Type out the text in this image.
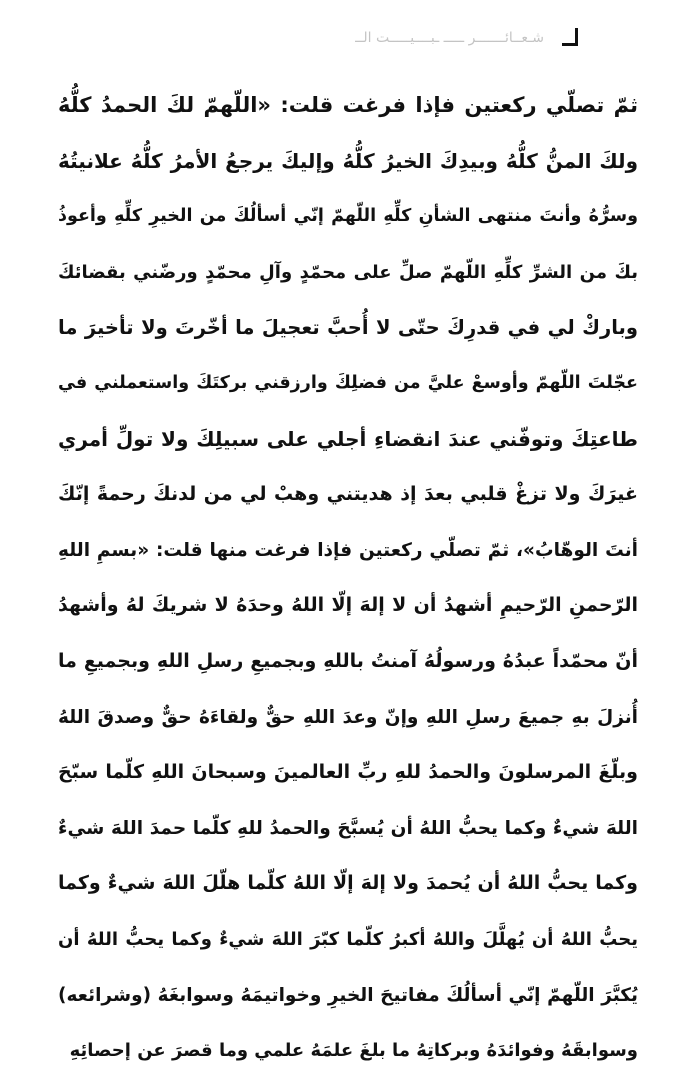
شـعــائـــــــر ـــــ ـبــــيـــــت الــ
ثمّ تصلّي ركعتين فإذا فرغت قلت: «اللّهمّ لكَ الحمدُ كلُّهُ
ولكَ المنُّ كلُّهُ وبيدِكَ الخيرُ كلُّهُ وإليكَ يرجعُ الأمرُ كلُّهُ علانيتُهُ
وسرُّهُ وأنتَ منتهى الشأنِ كلِّهِ اللّهمّ إنّي أسألُكَ من الخيرِ كلِّهِ وأعوذُ
بكَ من الشرِّ كلِّهِ اللّهمّ صلِّ على محمّدٍ وآلِ محمّدٍ ورضّني بقضائكَ
وباركْ لي في قدرِكَ حتّى لا أُحبَّ تعجيلَ ما أخّرتَ ولا تأخيرَ ما
عجّلتَ اللّهمّ وأوسعْ عليَّ من فضلِكَ وارزقني بركتَكَ واستعملني في
طاعتِكَ وتوفّني عندَ انقضاءِ أجلي على سبيلِكَ ولا تولِّ أمري
غيرَكَ ولا تزغْ قلبي بعدَ إذ هديتني وهبْ لي من لدنكَ رحمةً إنّكَ
أنتَ الوهّابُ»، ثمّ تصلّي ركعتين فإذا فرغت منها قلت: «بسمِ اللهِ
الرّحمنِ الرّحيمِ أشهدُ أن لا إلهَ إلّا اللهُ وحدَهُ لا شريكَ لهُ وأشهدُ
أنّ محمّداً عبدُهُ ورسولُهُ آمنتُ باللهِ وبجميعِ رسلِ اللهِ وبجميعِ ما
أُنزلَ بهِ جميعَ رسلِ اللهِ وإنّ وعدَ اللهِ حقٌّ ولقاءَهُ حقٌّ وصدقَ اللهُ
وبلّغَ المرسلونَ والحمدُ للهِ ربِّ العالمينَ وسبحانَ اللهِ كلّما سبّحَ
اللهَ شيءٌ وكما يحبُّ اللهُ أن يُسبَّحَ والحمدُ للهِ كلّما حمدَ اللهَ شيءٌ
وكما يحبُّ اللهُ أن يُحمدَ ولا إلهَ إلّا اللهُ كلّما هلّلَ اللهَ شيءٌ وكما
يحبُّ اللهُ أن يُهلَّلَ واللهُ أكبرُ كلّما كبّرَ اللهَ شيءٌ وكما يحبُّ اللهُ أن
يُكبَّرَ اللّهمّ إنّي أسألُكَ مفاتيحَ الخيرِ وخواتيمَهُ وسوابغَهُ (وشرائعه)
وسوابقَهُ وفوائدَهُ وبركاتِهُ ما بلغَ علمَهُ علمي وما قصرَ عن إحصائِهِ
